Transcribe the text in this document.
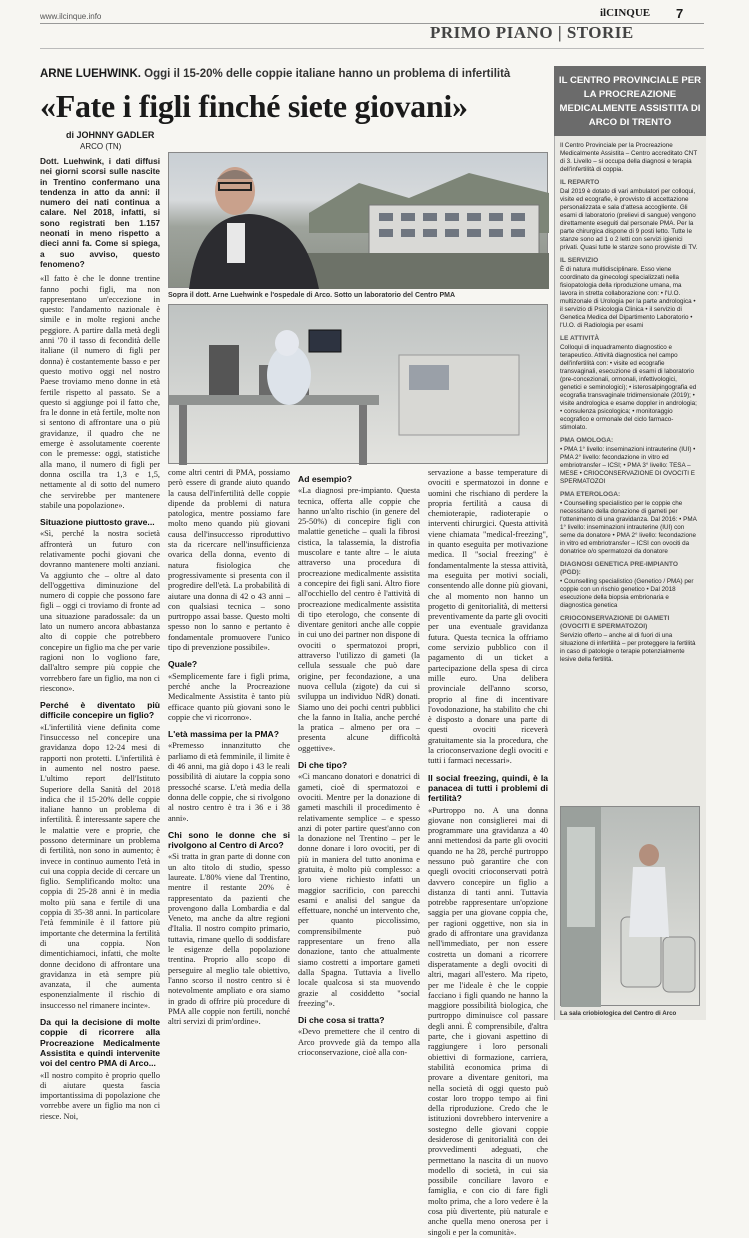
www.ilcinque.info	ilCINQUE 7
PRIMO PIANO | STORIE
ARNE LUEHWINK. Oggi il 15-20% delle coppie italiane hanno un problema di infertilità
«Fate i figli finché siete giovani»
di JOHNNY GADLER
ARCO (TN)
Sopra il dott. Arne Luehwink e l'ospedale di Arco. Sotto un laboratorio del Centro PMA

Dott. Luehwink, i dati diffusi nei giorni scorsi sulle nascite in Trentino confermano una tendenza in atto da anni: il numero dei nati continua a calare. Nel 2018, infatti, si sono registrati ben 1.157 neonati in meno rispetto a dieci anni fa. Come si spiega, a suo avviso, questo fenomeno?

«Il fatto è che le donne trentine fanno pochi figli, ma non rappresentano un'eccezione in questo: l'andamento nazionale è simile e in molte regioni anche peggiore. A partire dalla metà degli anni '70 il tasso di fecondità delle italiane (il numero di figli per donna) è costantemente basso e per questo motivo oggi nel nostro Paese troviamo meno donne in età fertile rispetto al passato. Se a questo si aggiunge poi il fatto che, fra le donne in età fertile, molte non si sentono di affrontare una o più gravidanze, il quadro che ne emerge è assolutamente coerente con le premesse: oggi, statistiche alla mano, il numero di figli per donna oscilla tra 1,3 e 1,5, nettamente al di sotto del numero che servirebbe per mantenere stabile una popolazione».

Situazione piuttosto grave...

«Sì, perché la nostra società affronterà un futuro con relativamente pochi giovani che dovranno mantenere molti anziani. Va aggiunto che – oltre al dato dell'oggettiva diminuzione del numero di coppie che possono fare figli – oggi ci troviamo di fronte ad una situazione paradossale: da un lato un numero ancora abbastanza alto di coppie che potrebbero concepire un figlio ma che per varie ragioni non lo vogliono fare, dall'altro sempre più coppie che vorrebbero fare un figlio, ma non ci riescono».

Perché è diventato più difficile concepire un figlio?

«L'infertilità viene definita come l'insuccesso nel concepire una gravidanza dopo 12-24 mesi di rapporti non protetti. L'infertilità è in aumento nel nostro paese. L'ultimo report dell'Istituto Superiore della Sanità del 2018 indica che il 15-20% delle coppie italiane hanno un problema di infertilità. È interessante sapere che le malattie vere e proprie, che possono determinare un problema di fertilità, non sono in aumento; è invece in continuo aumento l'età in cui una coppia decide di cercare un figlio. Semplificando molto: una coppia di 25-28 anni è in media molto più sana e fertile di una coppia di 35-38 anni. In particolare l'età femminile è il fattore più importante che determina la fertilità di una coppia. Non dimentichiamoci, infatti, che molte donne decidono di affrontare una gravidanza in età sempre più avanzata, il che aumenta esponenzialmente il rischio di insuccesso nel rimanere incinte».

Da qui la decisione di molte coppie di ricorrere alla Procreazione Medicalmente Assistita e quindi intervenite voi del centro PMA di Arco...

«Il nostro compito è proprio quello di aiutare questa fascia importantissima di popolazione che vorrebbe avere un figlio ma non ci riesce. Noi,

come altri centri di PMA, possiamo però essere di grande aiuto quando la causa dell'infertilità delle coppie dipende da problemi di natura patologica, mentre possiamo fare molto meno quando più giovani causa dell'insuccesso riproduttivo sta da ricercare nell'insufficienza ovarica della donna, evento di natura fisiologica che progressivamente si presenta con il progredire dell'età. La probabilità di aiutare una donna di 42 o 43 anni – con qualsiasi tecnica – sono purtroppo assai basse. Questo molti spesso non lo sanno e pertanto è fondamentale promuovere l'unico tipo di prevenzione possibile».

Quale?

«Semplicemente fare i figli prima, perché anche la Procreazione Medicalmente Assistita è tanto più efficace quanto più giovani sono le coppie che vi ricorrono».

L'età massima per la PMA?

«Premesso innanzitutto che parliamo di età femminile, il limite è di 46 anni, ma già dopo i 43 le reali possibilità di aiutare la coppia sono pressoché scarse. L'età media della donna delle coppie, che si rivolgono al nostro centro è tra i 36 e i 38 anni».

Chi sono le donne che si rivolgono al Centro di Arco?

«Si tratta in gran parte di donne con un alto titolo di studio, spesso laureate. L'80% viene dal Trentino, mentre il restante 20% è rappresentato da pazienti che provengono dalla Lombardia e dal Veneto, ma anche da altre regioni d'Italia. Il nostro compito primario, tuttavia, rimane quello di soddisfare le esigenze della popolazione trentina. Proprio allo scopo di perseguire al meglio tale obiettivo, l'anno scorso il nostro centro si è notevolmente ampliato e ora siamo in grado di offrire più procedure di PMA alle coppie non fertili, nonché altri servizi di prim'ordine».

Ad esempio?

«La diagnosi pre-impianto. Questa tecnica, offerta alle coppie che hanno un'alto rischio (in genere del 25-50%) di concepire figli con malattie genetiche – quali la fibrosi cistica, la talassemia, la distrofia muscolare e tante altre – le aiuta attraverso una procedura di procreazione medicalmente assistita a concepire dei figli sani. Altro fiore all'occhiello del centro è l'attività di procreazione medicalmente assistita di tipo eterologo, che consente di diventare genitori anche alle coppie in cui uno dei partner non dispone di ovociti o spermatozoi propri, attraverso l'utilizzo di gameti (la cellula sessuale che può dare origine, per fecondazione, a una nuova cellula (zigote) da cui si sviluppa un individuo NdR) donati. Siamo uno dei pochi centri pubblici che la fanno in Italia, anche perché la pratica – almeno per ora – presenta alcune difficoltà oggettive».

Di che tipo?

«Ci mancano donatori e donatrici di gameti, cioè di spermatozoi e ovociti. Mentre per la donazione di gameti maschili il procedimento è relativamente semplice – e spesso anzi di poter partire quest'anno con la donazione nel Trentino – per le donne donare i loro ovociti, per di più in maniera del tutto anonima e gratuita, è molto più complesso: a loro viene richiesto infatti un maggior sacrificio, con parecchi esami e analisi del sangue da effettuare, nonché un intervento che, per quanto piccolissimo, comprensibilmente può rappresentare un freno alla donazione, tanto che attualmente siamo costretti a importare gameti dalla Spagna. Tuttavia a livello locale qualcosa si sta muovendo grazie al cosiddetto "social freezing"».

Di che cosa si tratta?

«Devo premettere che il centro di Arco provvede già da tempo alla crioconservazione, cioè alla con-

servazione a basse temperature di ovociti e spermatozoi in donne e uomini che rischiano di perdere la propria fertilità a causa di chemioterapie, radioterapie o interventi chirurgici. Questa attività viene chiamata "medical-freezing", in quanto eseguita per motivazione medica. Il "social freezing" è fondamentalmente la stessa attività, ma eseguita per motivi sociali, consentendo alle donne più giovani, che al momento non hanno un progetto di genitorialità, di mettersi preventivamente da parte gli ovociti per una eventuale gravidanza futura. Questa tecnica la offriamo come servizio pubblico con il pagamento di un ticket a partecipazione della spesa di circa mille euro. Una delibera provinciale dell'anno scorso, proprio al fine di incentivare l'ovodonazione, ha stabilito che chi è disposto a donare una parte di questi ovociti riceverà gratuitamente sia la procedura, che la crioconservazione degli ovociti e tutti i farmaci necessari».

Il social freezing, quindi, è la panacea di tutti i problemi di fertilità?

«Purtroppo no. A una donna giovane non consiglierei mai di programmare una gravidanza a 40 anni mettendosi da parte gli ovociti quando ne ha 28, perché purtroppo nessuno può garantire che con quegli ovociti crioconservati potrà davvero concepire un figlio a distanza di tanti anni. Tuttavia potrebbe rappresentare un'opzione saggia per una giovane coppia che, per ragioni oggettive, non sia in grado di affrontare una gravidanza nell'immediato, per non essere costretta un domani a ricorrere disperatamente a degli ovociti di altri, magari all'estero. Ma ripeto, per me l'ideale è che le coppie facciano i figli quando ne hanno la maggiore possibilità biologica, che purtroppo diminuisce col passare degli anni. È comprensibile, d'altra parte, che i giovani aspettino di raggiungere i loro personali obiettivi di formazione, carriera, stabilità economica prima di provare a diventare genitori, ma nella società di oggi questo può costar loro troppo tempo ai fini della riproduzione. Credo che le istituzioni dovrebbero intervenire a sostegno delle giovani coppie desiderose di genitorialità con dei provvedimenti adeguati, che permettano la nascita di un nuovo modello di società, in cui sia possibile conciliare lavoro e famiglia, e con cio di fare figli molto prima, che a loro vedere è la cosa più divertente, più naturale e anche quella meno onerosa per i singoli e per la comunità».

IL CENTRO PROVINCIALE PER LA PROCREAZIONE MEDICALMENTE ASSISTITA DI ARCO DI TRENTO

Il Centro Provinciale per la Procreazione Medicalmente Assistita – Centro accreditato CNT di 3. Livello – si occupa della diagnosi e terapia dell'infertilità di coppia.

IL REPARTO

Dal 2019 è dotato di vari ambulatori per colloqui, visite ed ecografie, è provvisto di accettazione personalizzata e sala d'attesa accogliente. Gli esami di laboratorio (prelievi di sangue) vengono direttamente eseguiti dal personale PMA. Per la parte chirurgica dispone di 9 posti letto. Tutte le stanze sono ad 1 o 2 letti con servizi igienici privati. Quasi tutte le stanze sono provviste di TV.

IL SERVIZIO

È di natura multidisciplinare. Esso viene coordinato da ginecologi specializzati nella fisiopatologia della riproduzione umana, ma lavora in stretta collaborazione con: • l'U.O. multizonale di Urologia per la parte andrologica • il servizio di Psicologia Clinica • il servizio di Genetica Medica del Dipartimento Laboratorio • l'U.O. di Radiologia per esami

LE ATTIVITÀ

Colloqui di inquadramento diagnostico e terapeutico. Attività diagnostica nel campo dell'infertilità con: • visite ed ecografie transvaginali, esecuzione di esami di laboratorio (pre-concezionali, ormonali, infettivologici, genetici e seminologici); • isterosalpingografia ed ecografia transvaginale tridimensionale (2019); • visite andrologica e esame doppler in andrologia; • consulenza psicologica; • monitoraggio ecografico e ormonale del ciclo farmaco-stimolato.

PMA OMOLOGA:

• PMA 1° livello: inseminazioni intrauterine (IUI) • PMA 2° livello: fecondazione in vitro ed embriotransfer – ICSI; • PMA 3° livello: TESA – MESE • CRIOCONSERVAZIONE DI OVOCITI E SPERMATOZOI

PMA ETEROLOGA:

• Counselling specialistico per le coppie che necessitano della donazione di gameti per l'ottenimento di una gravidanza. Dal 2016: • PMA 1° livello: inseminazioni intrauterine (IUI) con seme da donatore • PMA 2° livello: fecondazione in vitro ed embriotransfer – ICSI con ovociti da donatrice o/o spermatozoi da donatore

DIAGNOSI GENETICA PRE-IMPIANTO (PGD):

• Counselling specialistico (Genetico / PMA) per coppie con un rischio genetico • Dal 2018 esecuzione della biopsia embrionaria e diagnostica genetica

CRIOCONSERVAZIONE DI GAMETI (OVOCITI E SPERMATOZOI)

Servizio offerto – anche al di fuori di una situazione di infertilità – per proteggere la fertilità in caso di patologie o terapie potenzialmente lesive della fertilità.

La sala criobiologica del Centro di Arco
